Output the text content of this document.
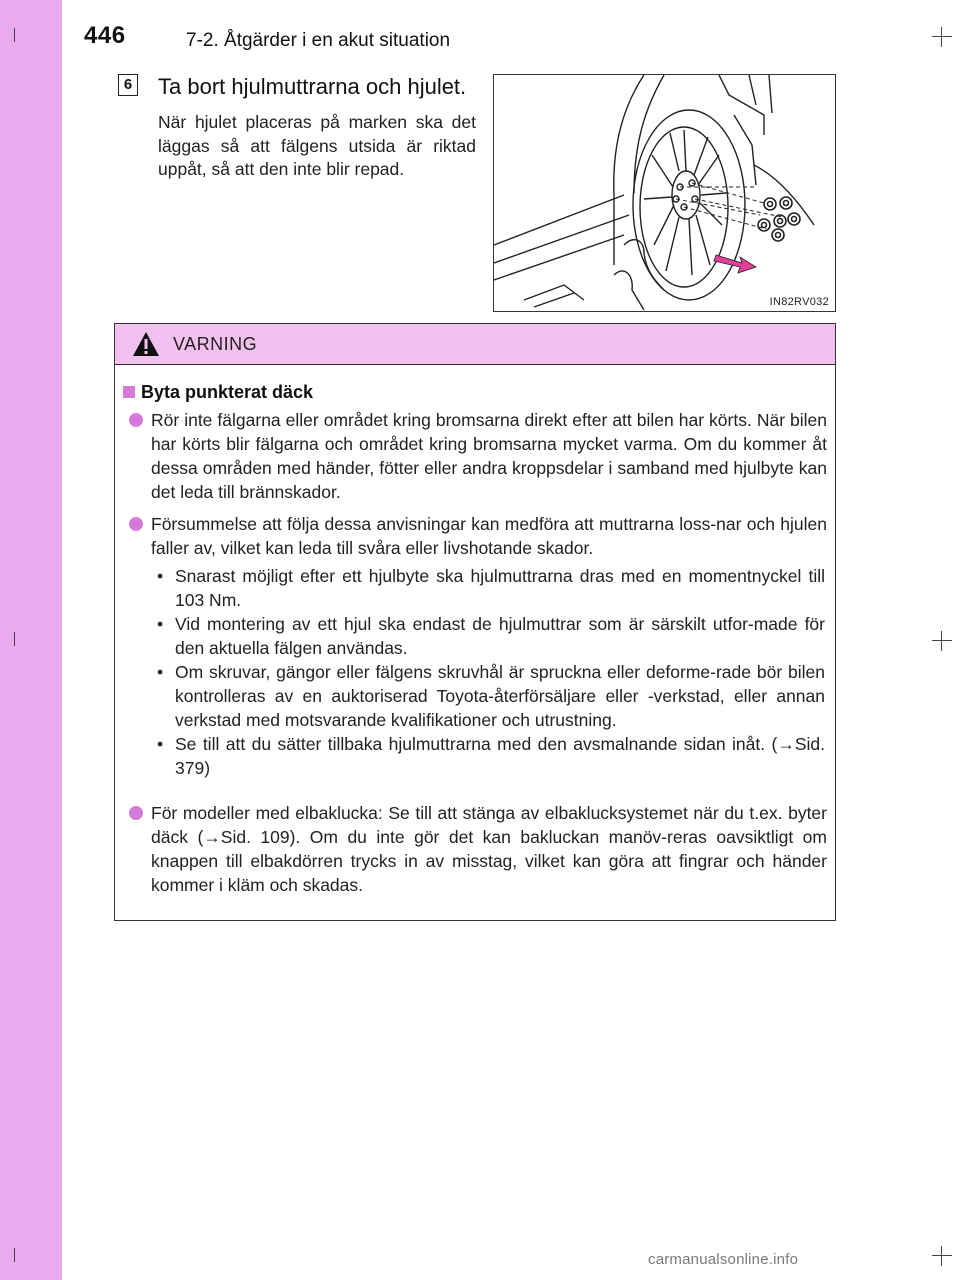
446	7-2. Åtgärder i en akut situation
6 Ta bort hjulmuttrarna och hjulet.
När hjulet placeras på marken ska det läggas så att fälgens utsida är riktad uppåt, så att den inte blir repad.
IN82RV032
VARNING
Byta punkterat däck
Rör inte fälgarna eller området kring bromsarna direkt efter att bilen har körts. När bilen har körts blir fälgarna och området kring bromsarna mycket varma. Om du kommer åt dessa områden med händer, fötter eller andra kroppsdelar i samband med hjulbyte kan det leda till brännskador.
Försummelse att följa dessa anvisningar kan medföra att muttrarna loss-nar och hjulen faller av, vilket kan leda till svåra eller livshotande skador.
• Snarast möjligt efter ett hjulbyte ska hjulmuttrarna dras med en momentnyckel till 103 Nm.
• Vid montering av ett hjul ska endast de hjulmuttrar som är särskilt utfor-made för den aktuella fälgen användas.
• Om skruvar, gängor eller fälgens skruvhål är spruckna eller deforme-rade bör bilen kontrolleras av en auktoriserad Toyota-återförsäljare eller -verkstad, eller annan verkstad med motsvarande kvalifikationer och utrustning.
• Se till att du sätter tillbaka hjulmuttrarna med den avsmalnande sidan inåt. (→Sid. 379)
För modeller med elbaklucka: Se till att stänga av elbaklucksystemet när du t.ex. byter däck (→Sid. 109). Om du inte gör det kan bakluckan manöv-reras oavsiktligt om knappen till elbakdörren trycks in av misstag, vilket kan göra att fingrar och händer kommer i kläm och skadas.
carmanualsonline.info
